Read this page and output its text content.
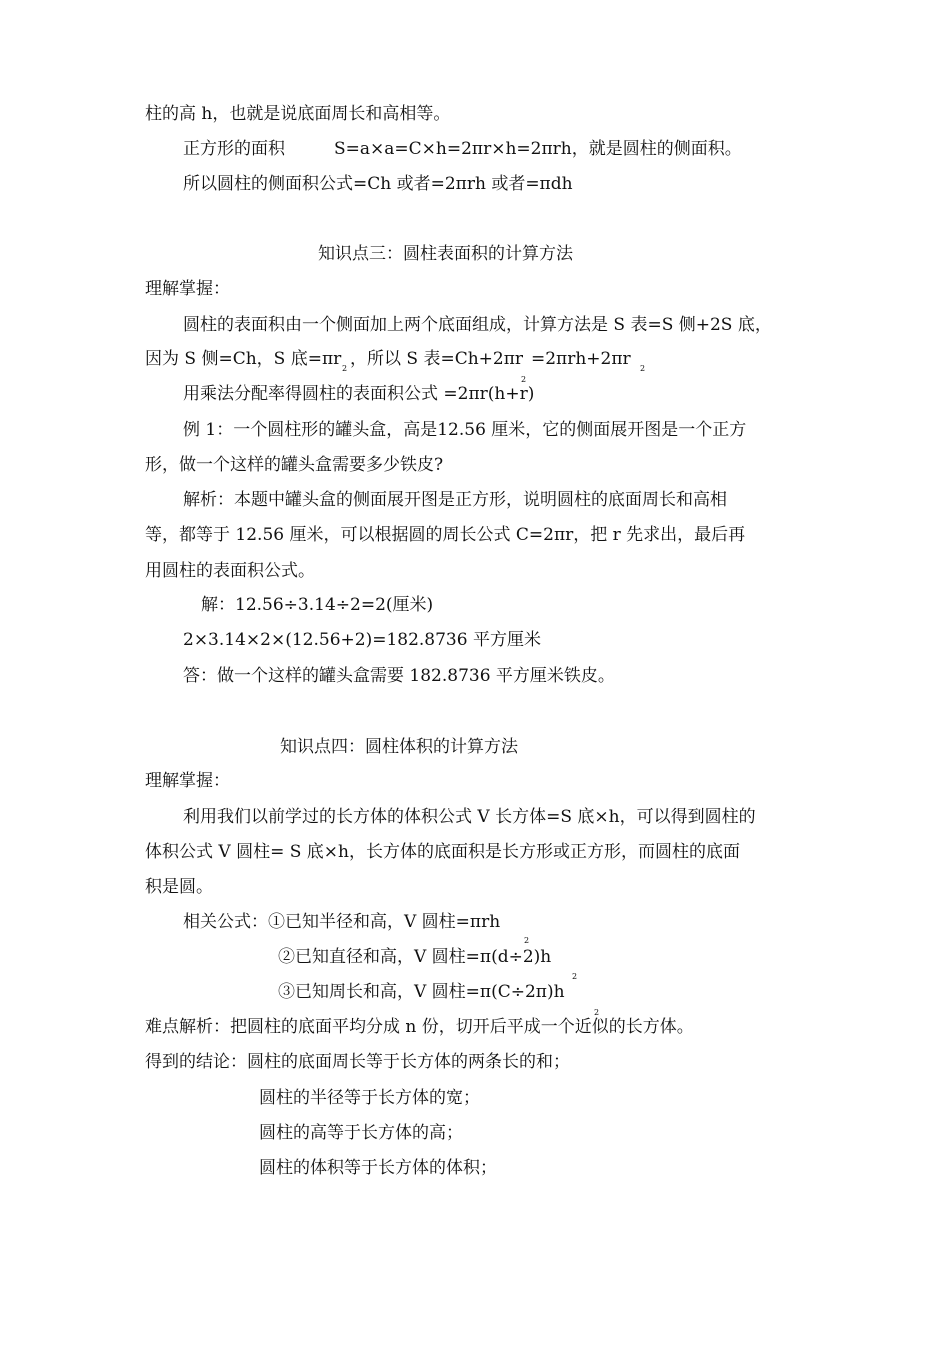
柱的高 h，也就是说底面周长和高相等。
正方形的面积	S=a×a=C×h=2πr×h=2πrh，就是圆柱的侧面积。
所以圆柱的侧面积公式=Ch 或者=2πrh 或者=πdh
知识点三：圆柱表面积的计算方法
理解掌握：
圆柱的表面积由一个侧面加上两个底面组成，计算方法是 S 表=S 侧+2S 底，
因为 S 侧=Ch，S 底=πr 2 ，所以 S 表=Ch+2πr =2πrh+2πr 2
2
用乘法分配率得圆柱的表面积公式 =2πr(h+r)
例 1：一个圆柱形的罐头盒，高是12.56 厘米，它的侧面展开图是一个正方
形，做一个这样的罐头盒需要多少铁皮?
解析：本题中罐头盒的侧面展开图是正方形，说明圆柱的底面周长和高相
等，都等于 12.56 厘米，可以根据圆的周长公式 C=2πr，把 r 先求出，最后再
用圆柱的表面积公式。
解：12.56÷3.14÷2=2(厘米)
2×3.14×2×(12.56+2)=182.8736 平方厘米
答：做一个这样的罐头盒需要 182.8736 平方厘米铁皮。
知识点四：圆柱体积的计算方法
理解掌握：
利用我们以前学过的长方体的体积公式 V 长方体=S 底×h，可以得到圆柱的
体积公式 V 圆柱= S 底×h，长方体的底面积是长方形或正方形，而圆柱的底面
积是圆。
相关公式：①已知半径和高，V 圆柱=πrh
2
②已知直径和高，V 圆柱=π(d÷2)h
2
③已知周长和高，V 圆柱=π(C÷2π)h
2
难点解析：把圆柱的底面平均分成 n 份，切开后平成一个近似的长方体。
得到的结论：圆柱的底面周长等于长方体的两条长的和；
圆柱的半径等于长方体的宽；
圆柱的高等于长方体的高；
圆柱的体积等于长方体的体积；
